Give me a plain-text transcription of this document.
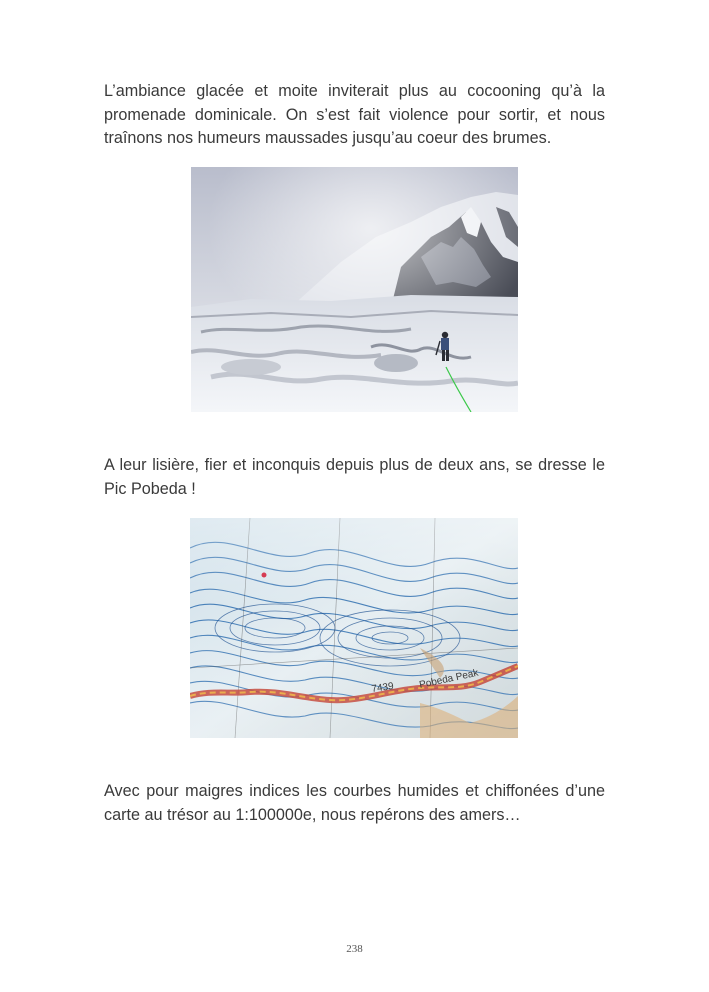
L’ambiance glacée et moite inviterait plus au cocooning qu’à la promenade dominicale. On s’est fait violence pour sortir, et nous traînons nos humeurs maussades jusqu’au coeur des brumes.

A leur lisière, fier et inconquis depuis plus de deux ans, se dresse le Pic Pobeda !

Avec pour maigres indices les courbes humides et chiffonées d’une carte au trésor au 1:100000e, nous repérons des amers…

238
